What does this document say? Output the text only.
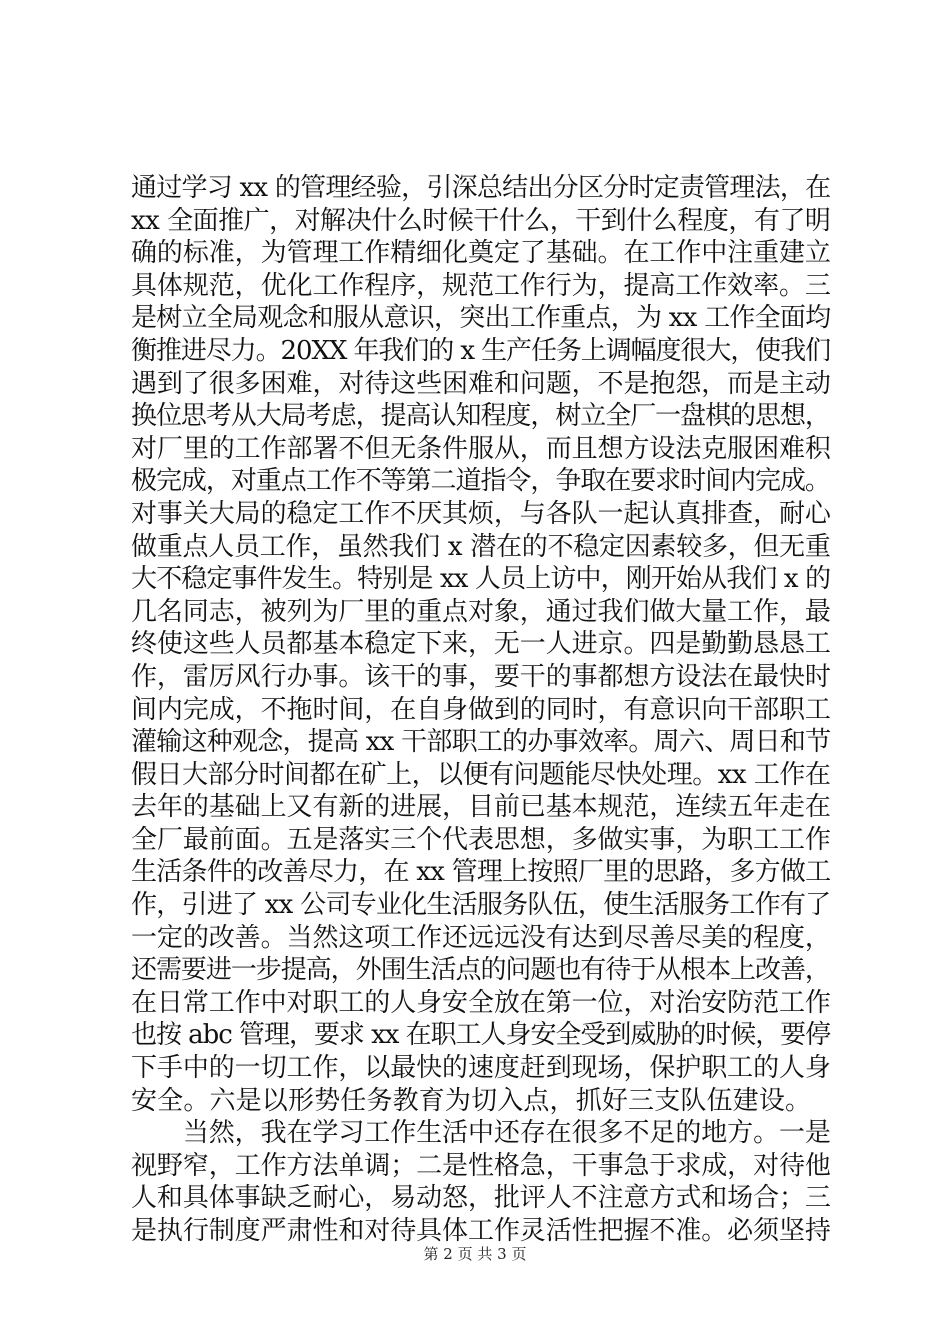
通过学习 xx 的管理经验，引深总结出分区分时定责管理法，在
xx 全面推广，对解决什么时候干什么，干到什么程度，有了明
确的标准，为管理工作精细化奠定了基础。在工作中注重建立
具体规范，优化工作程序，规范工作行为，提高工作效率。三
是树立全局观念和服从意识，突出工作重点，为 xx 工作全面均
衡推进尽力。20XX 年我们的 x 生产任务上调幅度很大，使我们
遇到了很多困难，对待这些困难和问题，不是抱怨，而是主动
换位思考从大局考虑，提高认知程度，树立全厂一盘棋的思想，
对厂里的工作部署不但无条件服从，而且想方设法克服困难积
极完成，对重点工作不等第二道指令，争取在要求时间内完成。
对事关大局的稳定工作不厌其烦，与各队一起认真排查，耐心
做重点人员工作，虽然我们 x 潜在的不稳定因素较多，但无重
大不稳定事件发生。特别是 xx 人员上访中，刚开始从我们 x 的
几名同志，被列为厂里的重点对象，通过我们做大量工作，最
终使这些人员都基本稳定下来，无一人进京。四是勤勤恳恳工
作，雷厉风行办事。该干的事，要干的事都想方设法在最快时
间内完成，不拖时间，在自身做到的同时，有意识向干部职工
灌输这种观念，提高 xx 干部职工的办事效率。周六、周日和节
假日大部分时间都在矿上，以便有问题能尽快处理。xx 工作在
去年的基础上又有新的进展，目前已基本规范，连续五年走在
全厂最前面。五是落实三个代表思想，多做实事，为职工工作
生活条件的改善尽力，在 xx 管理上按照厂里的思路，多方做工
作，引进了 xx 公司专业化生活服务队伍，使生活服务工作有了
一定的改善。当然这项工作还远远没有达到尽善尽美的程度，
还需要进一步提高，外围生活点的问题也有待于从根本上改善，
在日常工作中对职工的人身安全放在第一位，对治安防范工作
也按 abc 管理，要求 xx 在职工人身安全受到威胁的时候，要停
下手中的一切工作，以最快的速度赶到现场，保护职工的人身
安全。六是以形势任务教育为切入点，抓好三支队伍建设。
　　当然，我在学习工作生活中还存在很多不足的地方。一是
视野窄，工作方法单调；二是性格急，干事急于求成，对待他
人和具体事缺乏耐心，易动怒，批评人不注意方式和场合；三
是执行制度严肃性和对待具体工作灵活性把握不准。必须坚持
第 2 页 共 3 页
